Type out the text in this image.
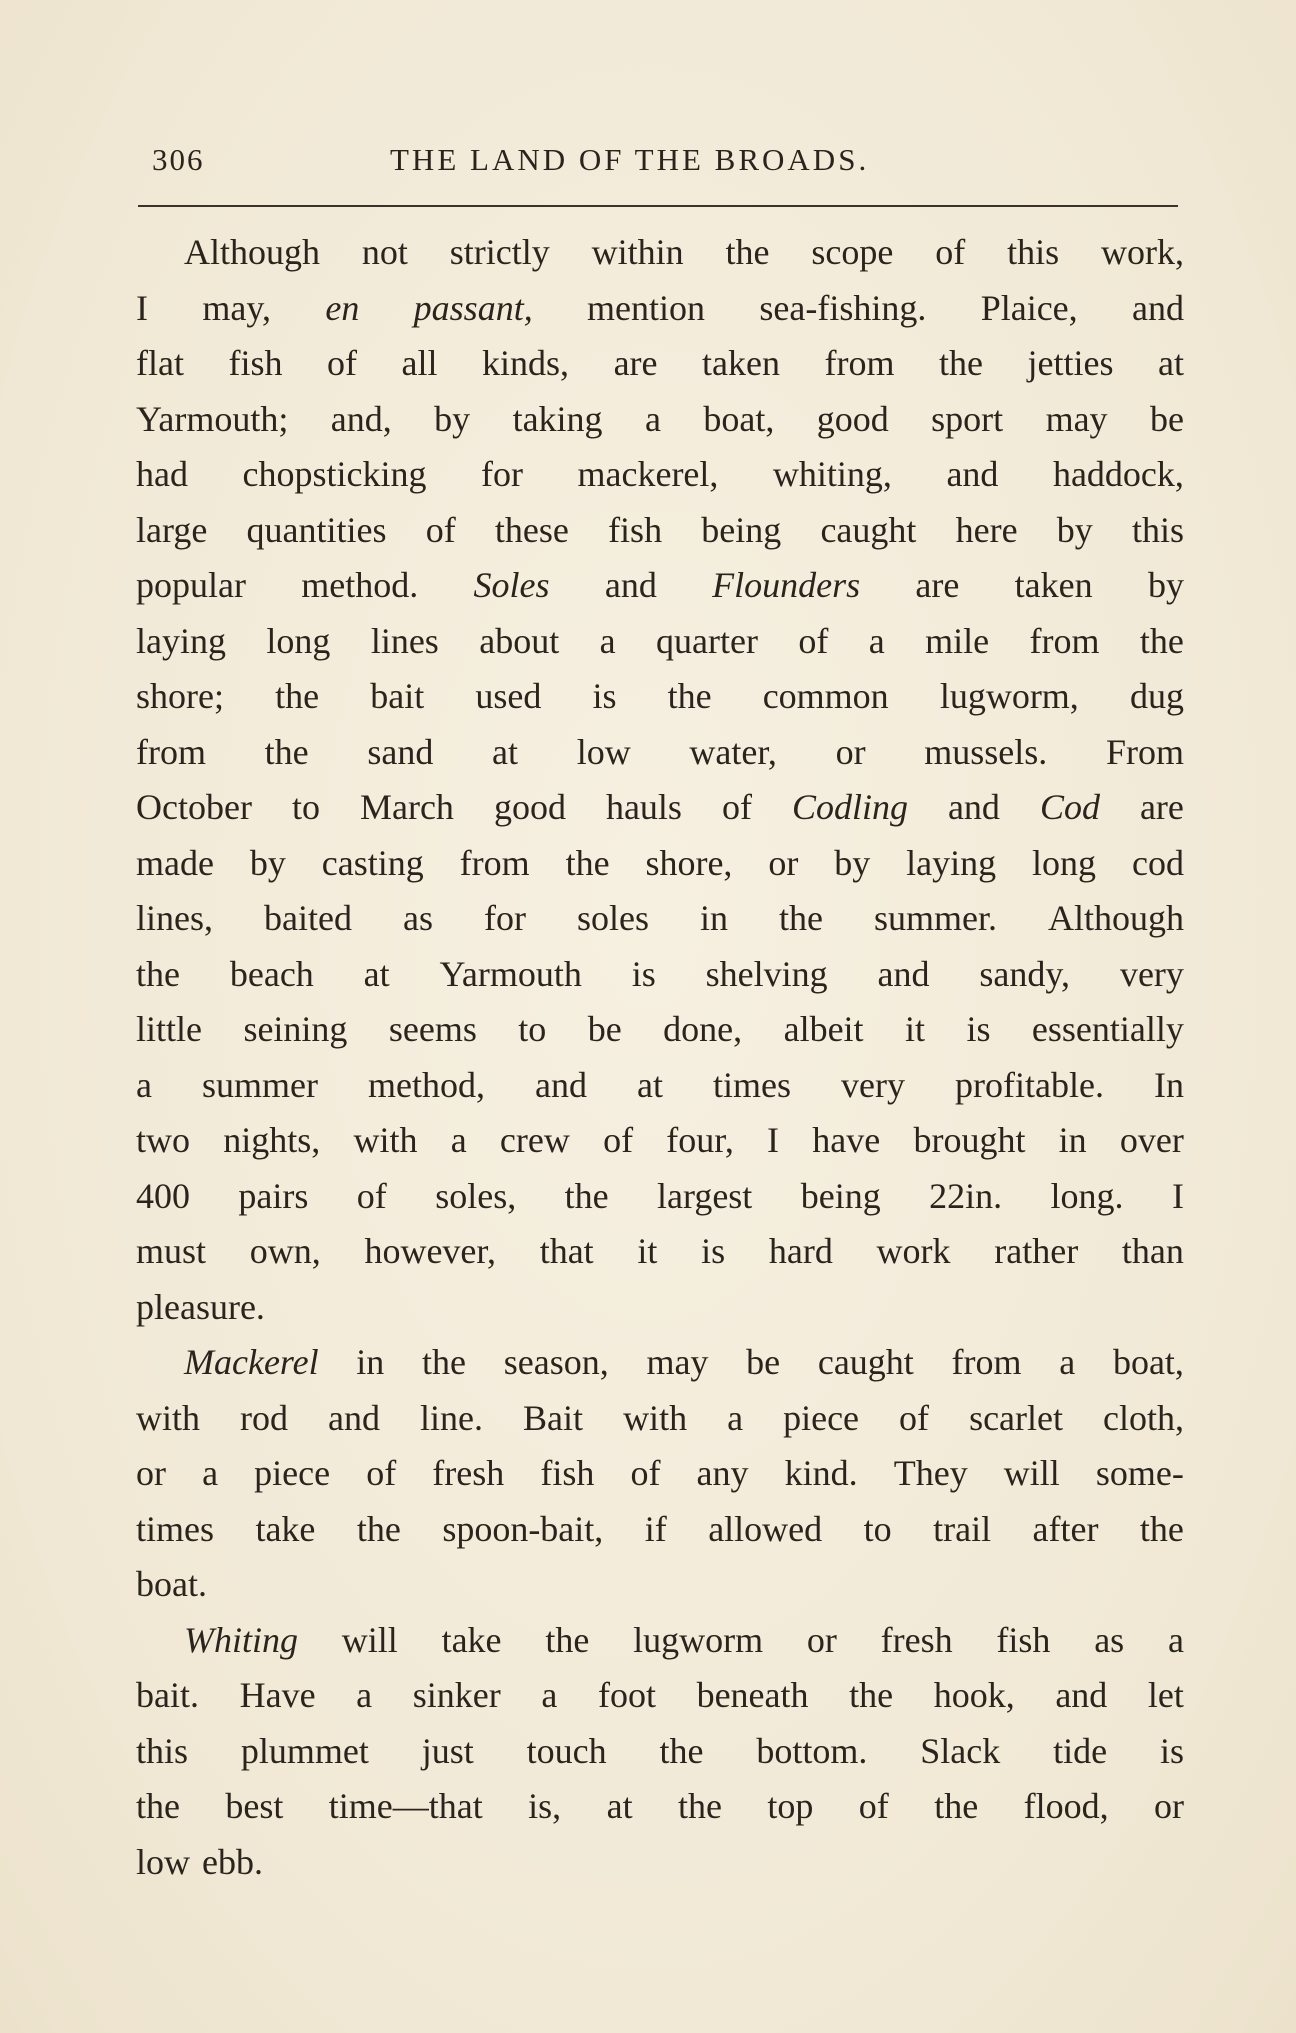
306	THE LAND OF THE BROADS.
Although not strictly within the scope of this work,
I may, en passant, mention sea-fishing. Plaice, and
flat fish of all kinds, are taken from the jetties at
Yarmouth; and, by taking a boat, good sport may be
had chopsticking for mackerel, whiting, and haddock,
large quantities of these fish being caught here by this
popular method. Soles and Flounders are taken by
laying long lines about a quarter of a mile from the
shore; the bait used is the common lugworm, dug
from the sand at low water, or mussels. From
October to March good hauls of Codling and Cod are
made by casting from the shore, or by laying long cod
lines, baited as for soles in the summer. Although
the beach at Yarmouth is shelving and sandy, very
little seining seems to be done, albeit it is essentially
a summer method, and at times very profitable. In
two nights, with a crew of four, I have brought in over
400 pairs of soles, the largest being 22in. long. I
must own, however, that it is hard work rather than
pleasure.
Mackerel in the season, may be caught from a boat,
with rod and line. Bait with a piece of scarlet cloth,
or a piece of fresh fish of any kind. They will some-
times take the spoon-bait, if allowed to trail after the
boat.
Whiting will take the lugworm or fresh fish as a
bait. Have a sinker a foot beneath the hook, and let
this plummet just touch the bottom. Slack tide is
the best time—that is, at the top of the flood, or
low ebb.
